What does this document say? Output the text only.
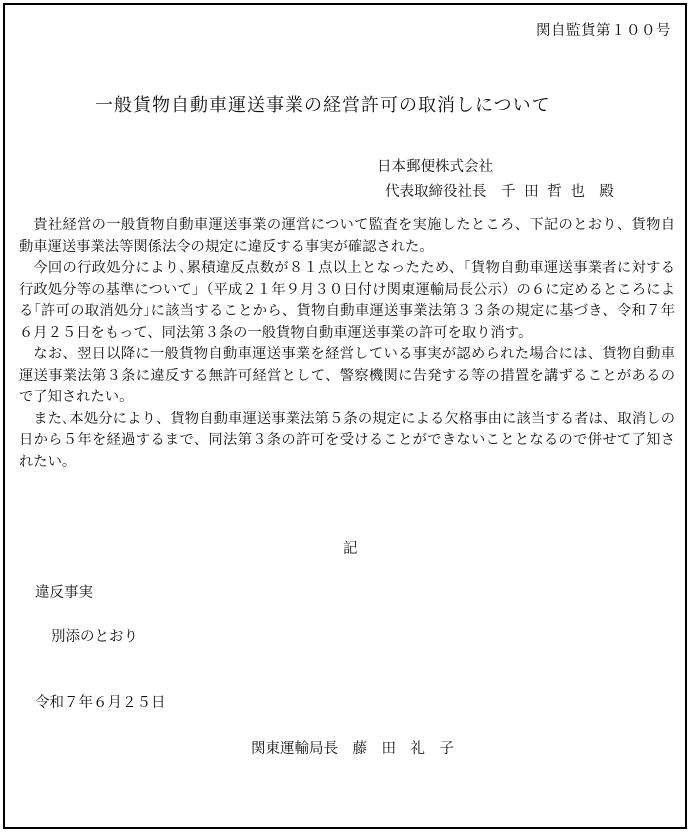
関自監貨第１００号
一般貨物自動車運送事業の経営許可の取消しについて
日本郵便株式会社
代表取締役社長　千 田 哲 也　殿

貴社経営の一般貨物自動車運送事業の運営について監査を実施したところ、下記のとおり、貨物自動車運送事業法等関係法令の規定に違反する事実が確認された。

今回の行政処分により､累積違反点数が８１点以上となったため、｢貨物自動車運送事業者に対する行政処分等の基準について」（平成２１年９月３０日付け関東運輸局長公示）の６に定めるところによる｢許可の取消処分｣に該当することから、貨物自動車運送事業法第３３条の規定に基づき、令和７年６月２５日をもって、同法第３条の一般貨物自動車運送事業の許可を取り消す。

なお、翌日以降に一般貨物自動車運送事業を経営している事実が認められた場合には、貨物自動車運送事業法第３条に違反する無許可経営として、警察機関に告発する等の措置を講ずることがあるので了知されたい。

また､本処分により、貨物自動車運送事業法第５条の規定による欠格事由に該当する者は、取消しの日から５年を経過するまで、同法第３条の許可を受けることができないこととなるので併せて了知されたい。

記
違反事実
別添のとおり
令和７年６月２５日
関東運輸局長　藤　田　礼　子
